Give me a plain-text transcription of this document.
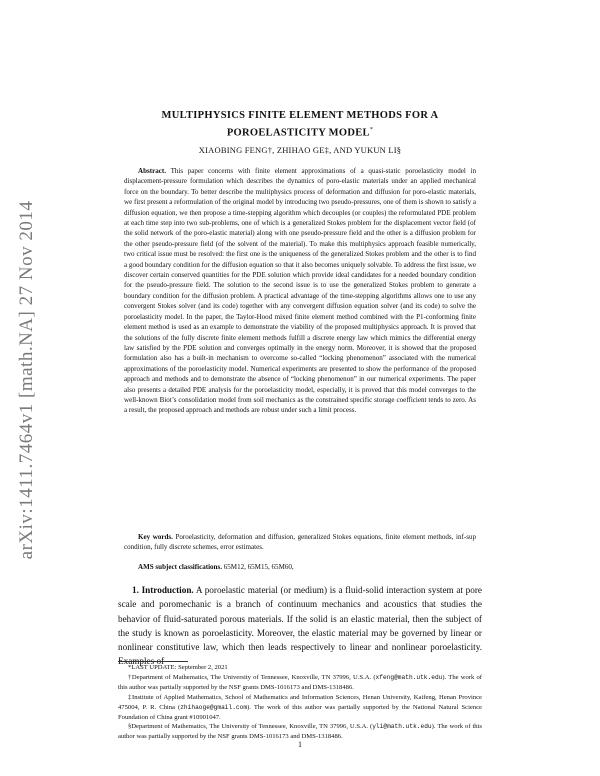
arXiv:1411.7464v1 [math.NA] 27 Nov 2014
MULTIPHYSICS FINITE ELEMENT METHODS FOR A POROELASTICITY MODEL*
XIAOBING FENG†, ZHIHAO GE‡, AND YUKUN LI§
Abstract. This paper concerns with finite element approximations of a quasi-static poroelasticity model in displacement-pressure formulation which describes the dynamics of poro-elastic materials under an applied mechanical force on the boundary. To better describe the multiphysics process of deformation and diffusion for poro-elastic materials, we first present a reformulation of the original model by introducing two pseudo-pressures, one of them is shown to satisfy a diffusion equation, we then propose a time-stepping algorithm which decouples (or couples) the reformulated PDE problem at each time step into two sub-problems, one of which is a generalized Stokes problem for the displacement vector field (of the solid network of the poro-elastic material) along with one pseudo-pressure field and the other is a diffusion problem for the other pseudo-pressure field (of the solvent of the material). To make this multiphysics approach feasible numerically, two critical issue must be resolved: the first one is the uniqueness of the generalized Stokes problem and the other is to find a good boundary condition for the diffusion equation so that it also becomes uniquely solvable. To address the first issue, we discover certain conserved quantities for the PDE solution which provide ideal candidates for a needed boundary condition for the pseudo-pressure field. The solution to the second issue is to use the generalized Stokes problem to generate a boundary condition for the diffusion problem. A practical advantage of the time-stepping algorithms allows one to use any convergent Stokes solver (and its code) together with any convergent diffusion equation solver (and its code) to solve the poroelasticity model. In the paper, the Taylor-Hood mixed finite element method combined with the P1-conforming finite element method is used as an example to demonstrate the viability of the proposed multiphysics approach. It is proved that the solutions of the fully discrete finite element methods fulfill a discrete energy law which mimics the differential energy law satisfied by the PDE solution and converges optimally in the energy norm. Moreover, it is showed that the proposed formulation also has a built-in mechanism to overcome so-called “locking phenomenon” associated with the numerical approximations of the poroelasticity model. Numerical experiments are presented to show the performance of the proposed approach and methods and to demonstrate the absence of “locking phenomenon” in our numerical experiments. The paper also presents a detailed PDE analysis for the poroelasticity model, especially, it is proved that this model converges to the well-known Biot’s consolidation model from soil mechanics as the constrained specific storage coefficient tends to zero. As a result, the proposed approach and methods are robust under such a limit process.
Key words. Poroelasticity, deformation and diffusion, generalized Stokes equations, finite element methods, inf-sup condition, fully discrete schemes, error estimates.
AMS subject classifications. 65M12, 65M15, 65M60,
1. Introduction. A poroelastic material (or medium) is a fluid-solid interaction system at pore scale and poromechanic is a branch of continuum mechanics and acoustics that studies the behavior of fluid-saturated porous materials. If the solid is an elastic material, then the subject of the study is known as poroelasticity. Moreover, the elastic material may be governed by linear or nonlinear constitutive law, which then leads respectively to linear and nonlinear poroelasticity. Examples of

*LAST UPDATE: September 2, 2021

†Department of Mathematics, The University of Tennessee, Knoxville, TN 37996, U.S.A. (xfeng@math.utk.edu). The work of this author was partially supported by the NSF grants DMS-1016173 and DMS-1318486.

‡Institute of Applied Mathematics, School of Mathematics and Information Sciences, Henan University, Kaifeng, Henan Province 475004, P. R. China (zhihaoge@gmail.com). The work of this author was partially supported by the National Natural Science Foundation of China grant #10901047.

§Department of Mathematics, The University of Tennessee, Knoxville, TN 37996, U.S.A. (yli@math.utk.edu). The work of this author was partially supported by the NSF grants DMS-1016173 and DMS-1318486.

1
